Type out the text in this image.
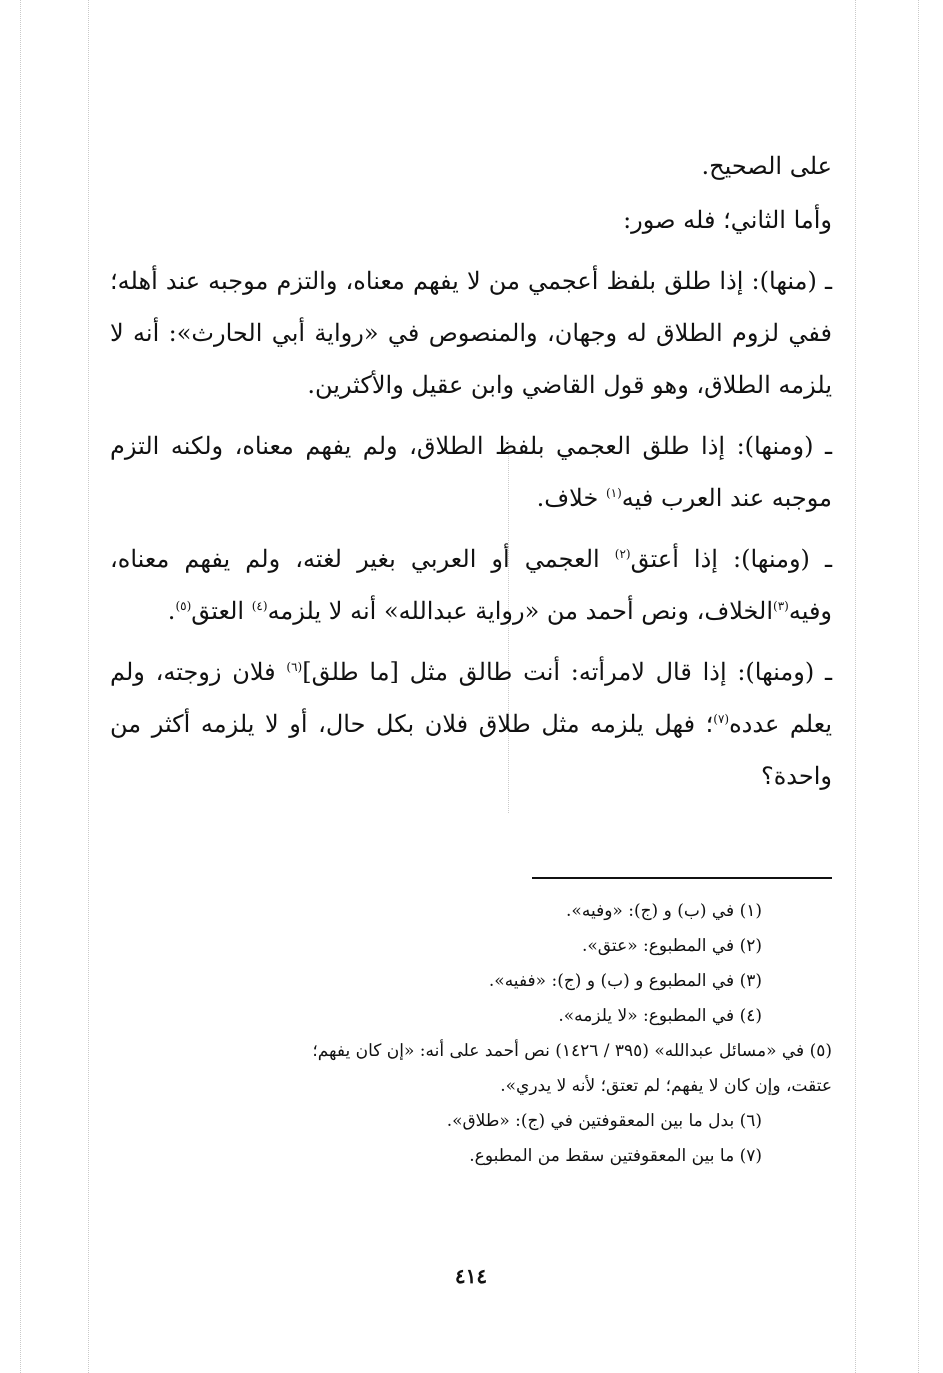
على الصحيح.

وأما الثاني؛ فله صور:

ـ (منها): إذا طلق بلفظ أعجمي من لا يفهم معناه، والتزم موجبه عند أهله؛ ففي لزوم الطلاق له وجهان، والمنصوص في «رواية أبي الحارث»: أنه لا يلزمه الطلاق، وهو قول القاضي وابن عقيل والأكثرين.

ـ (ومنها): إذا طلق العجمي بلفظ الطلاق، ولم يفهم معناه، ولكنه التزم موجبه عند العرب فيه$^{(١)}$ خلاف.

ـ (ومنها): إذا أعتق$^{(٢)}$ العجمي أو العربي بغير لغته، ولم يفهم معناه، وفيه$^{(٣)}$الخلاف، ونص أحمد من «رواية عبدالله» أنه لا يلزمه$^{(٤)}$ العتق$^{(٥)}$.

ـ (ومنها): إذا قال لامرأته: أنت طالق مثل [ما طلق]$^{(٦)}$ فلان زوجته، ولم يعلم عدده$^{(٧)}$؛ فهل يلزمه مثل طلاق فلان بكل حال، أو لا يلزمه أكثر من واحدة؟

(١) في (ب) و (ج): «وفيه».

(٢) في المطبوع: «عتق».

(٣) في المطبوع و (ب) و (ج): «ففيه».

(٤) في المطبوع: «لا يلزمه».

(٥) في «مسائل عبدالله» (٣٩٥ / ١٤٢٦) نص أحمد على أنه: «إن كان يفهم؛

عتقت، وإن كان لا يفهم؛ لم تعتق؛ لأنه لا يدري».

(٦) بدل ما بين المعقوفتين في (ج): «طلاق».

(٧) ما بين المعقوفتين سقط من المطبوع.

٤١٤
